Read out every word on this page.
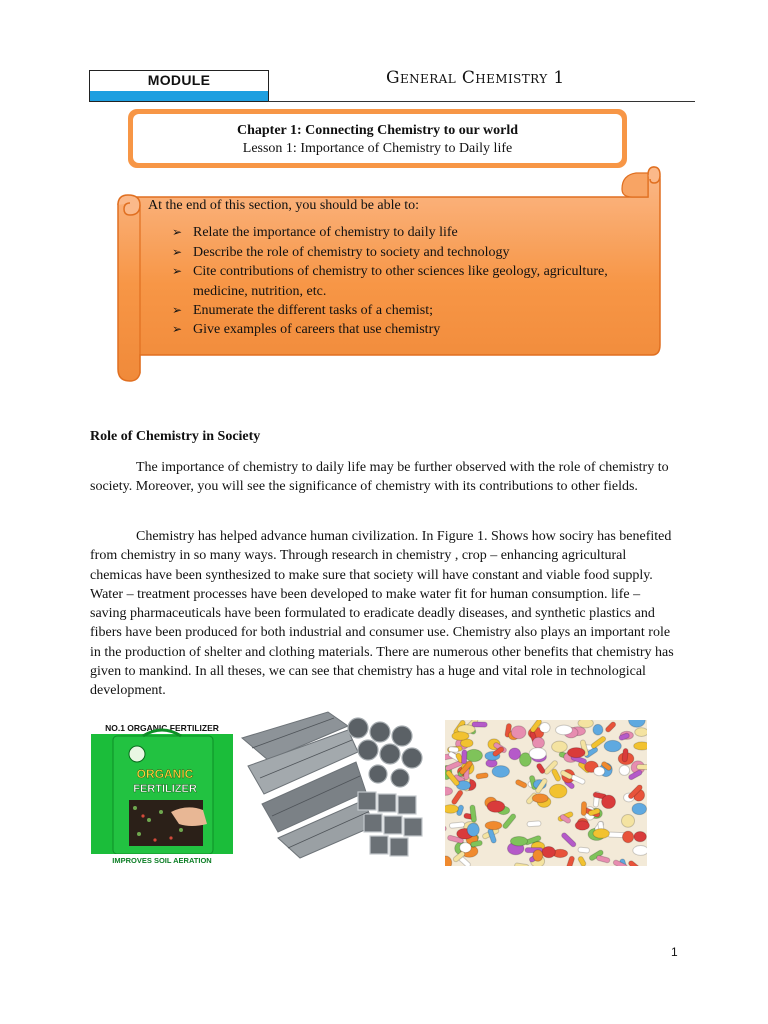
MODULE	General Chemistry 1
Chapter 1: Connecting Chemistry to our world
Lesson 1: Importance of Chemistry to Daily life

At the end of this section, you should be able to:

➢ Relate the importance of chemistry to daily life
➢ Describe the role of chemistry to society and technology
➢ Cite contributions of chemistry to other sciences like geology, agriculture, medicine, nutrition, etc.
➢ Enumerate the different tasks of a chemist;
➢ Give examples of careers that use chemistry
Role of Chemistry in Society

The importance of chemistry to daily life may be further observed with the role of chemistry to society. Moreover, you will see the significance of chemistry with its contributions to other fields.

Chemistry has helped advance human civilization. In Figure 1. Shows how sociry has benefited from chemistry in so many ways. Through research in chemistry , crop – enhancing agricultural chemicas have been synthesized to make sure that society will have constant and viable food supply. Water – treatment processes have been developed to make water fit for human consumption. life – saving pharmaceuticals have been formulated to eradicate deadly diseases, and synthetic plastics and fibers have been produced for both industrial and consumer use. Chemistry also plays an important role in the production of shelter and clothing materials. There are numerous other benefits that chemistry has given to mankind. In all theses, we can see that chemistry has a huge and vital role in technological development.

NO.1 ORGANIC FERTILIZER
ORGANIC
FERTILIZER
IMPROVES SOIL AERATION
1
